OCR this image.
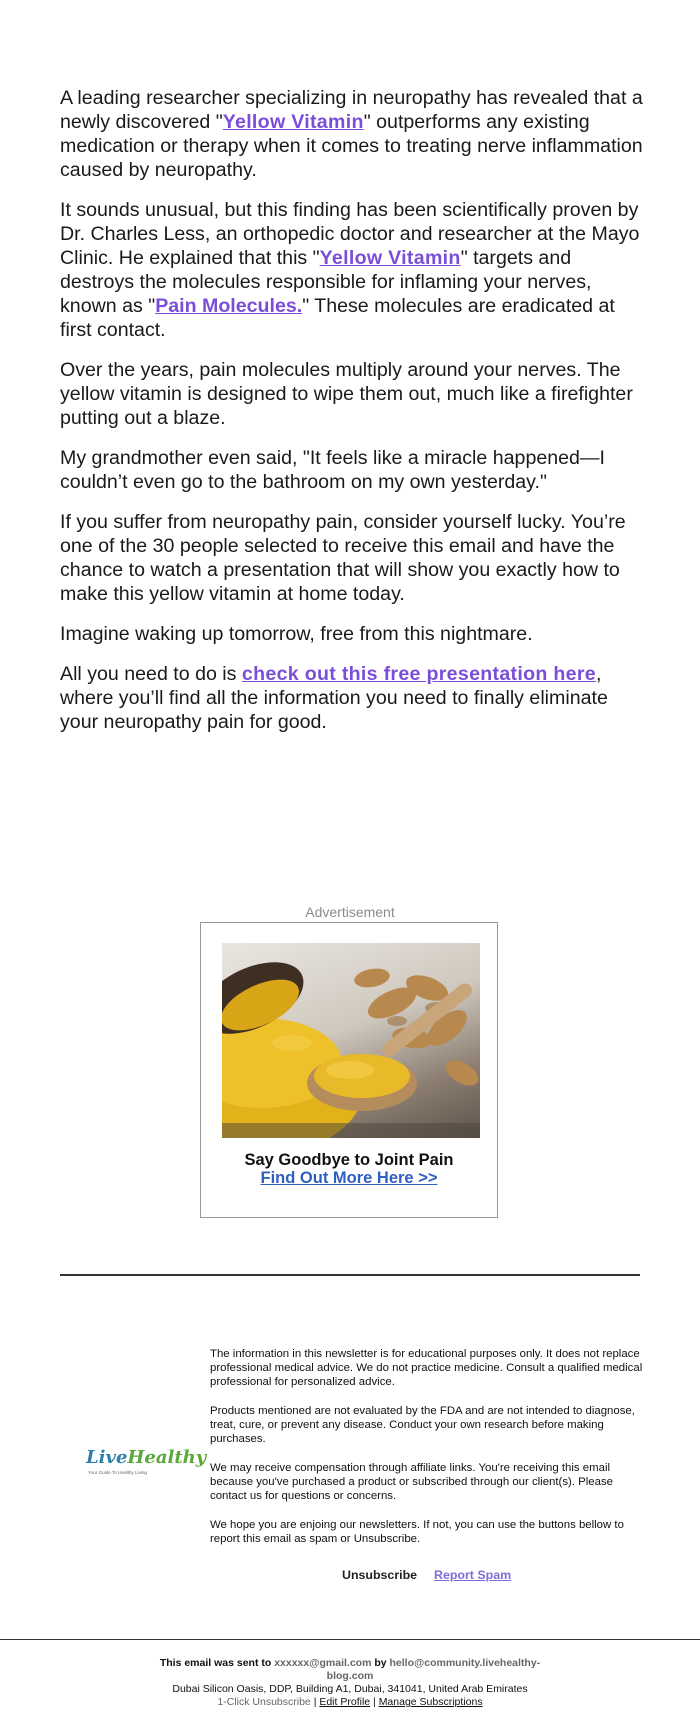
A leading researcher specializing in neuropathy has revealed that a newly discovered "Yellow Vitamin" outperforms any existing medication or therapy when it comes to treating nerve inflammation caused by neuropathy.

It sounds unusual, but this finding has been scientifically proven by Dr. Charles Less, an orthopedic doctor and researcher at the Mayo Clinic. He explained that this "Yellow Vitamin" targets and destroys the molecules responsible for inflaming your nerves, known as "Pain Molecules." These molecules are eradicated at first contact.

Over the years, pain molecules multiply around your nerves. The yellow vitamin is designed to wipe them out, much like a firefighter putting out a blaze.

My grandmother even said, "It feels like a miracle happened—I couldn’t even go to the bathroom on my own yesterday."

If you suffer from neuropathy pain, consider yourself lucky. You’re one of the 30 people selected to receive this email and have the chance to watch a presentation that will show you exactly how to make this yellow vitamin at home today.

Imagine waking up tomorrow, free from this nightmare.

All you need to do is check out this free presentation here, where you’ll find all the information you need to finally eliminate your neuropathy pain for good.

Advertisement
Say Goodbye to Joint Pain
Find Out More Here >>
LiveHealthy
Your Guide To Healthy Living

The information in this newsletter is for educational purposes only. It does not replace professional medical advice. We do not practice medicine. Consult a qualified medical professional for personalized advice.

Products mentioned are not evaluated by the FDA and are not intended to diagnose, treat, cure, or prevent any disease. Conduct your own research before making purchases.

We may receive compensation through affiliate links. You're receiving this email because you've purchased a product or subscribed through our client(s). Please contact us for questions or concerns.

We hope you are enjoing our newsletters. If not, you can use the buttons bellow to report this email as spam or Unsubscribe.

Unsubscribe Report Spam
This email was sent to xxxxxx@gmail.com by hello@community.livehealthy-blog.com
Dubai Silicon Oasis, DDP, Building A1, Dubai, 341041, United Arab Emirates
1-Click Unsubscribe | Edit Profile | Manage Subscriptions
